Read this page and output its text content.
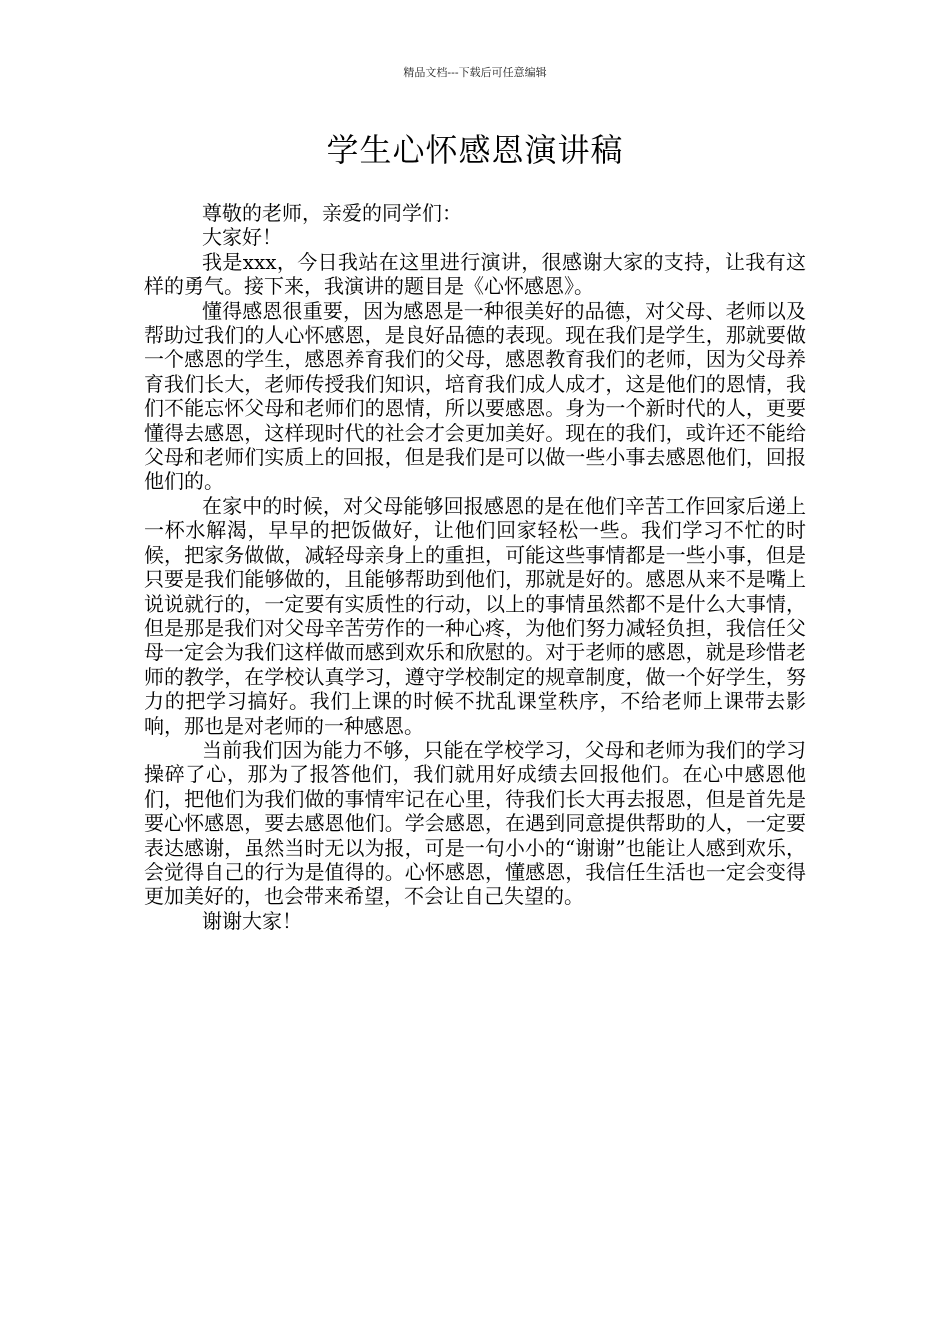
精品文档---下载后可任意编辑
学生心怀感恩演讲稿

尊敬的老师，亲爱的同学们：

大家好！

我是xxx，今日我站在这里进行演讲，很感谢大家的支持，让我有这样的勇气。接下来，我演讲的题目是《心怀感恩》。

懂得感恩很重要，因为感恩是一种很美好的品德，对父母、老师以及帮助过我们的人心怀感恩，是良好品德的表现。现在我们是学生，那就要做一个感恩的学生，感恩养育我们的父母，感恩教育我们的老师，因为父母养育我们长大，老师传授我们知识，培育我们成人成才，这是他们的恩情，我们不能忘怀父母和老师们的恩情，所以要感恩。身为一个新时代的人，更要懂得去感恩，这样现时代的社会才会更加美好。现在的我们，或许还不能给父母和老师们实质上的回报，但是我们是可以做一些小事去感恩他们，回报他们的。

在家中的时候，对父母能够回报感恩的是在他们辛苦工作回家后递上一杯水解渴，早早的把饭做好，让他们回家轻松一些。我们学习不忙的时候，把家务做做，减轻母亲身上的重担，可能这些事情都是一些小事，但是只要是我们能够做的，且能够帮助到他们，那就是好的。感恩从来不是嘴上说说就行的，一定要有实质性的行动，以上的事情虽然都不是什么大事情，但是那是我们对父母辛苦劳作的一种心疼，为他们努力减轻负担，我信任父母一定会为我们这样做而感到欢乐和欣慰的。对于老师的感恩，就是珍惜老师的教学，在学校认真学习，遵守学校制定的规章制度，做一个好学生，努力的把学习搞好。我们上课的时候不扰乱课堂秩序，不给老师上课带去影响，那也是对老师的一种感恩。

当前我们因为能力不够，只能在学校学习，父母和老师为我们的学习操碎了心，那为了报答他们，我们就用好成绩去回报他们。在心中感恩他们，把他们为我们做的事情牢记在心里，待我们长大再去报恩，但是首先是要心怀感恩，要去感恩他们。学会感恩，在遇到同意提供帮助的人，一定要表达感谢，虽然当时无以为报，可是一句小小的“谢谢”也能让人感到欢乐，会觉得自己的行为是值得的。心怀感恩，懂感恩，我信任生活也一定会变得更加美好的，也会带来希望，不会让自己失望的。

谢谢大家！
